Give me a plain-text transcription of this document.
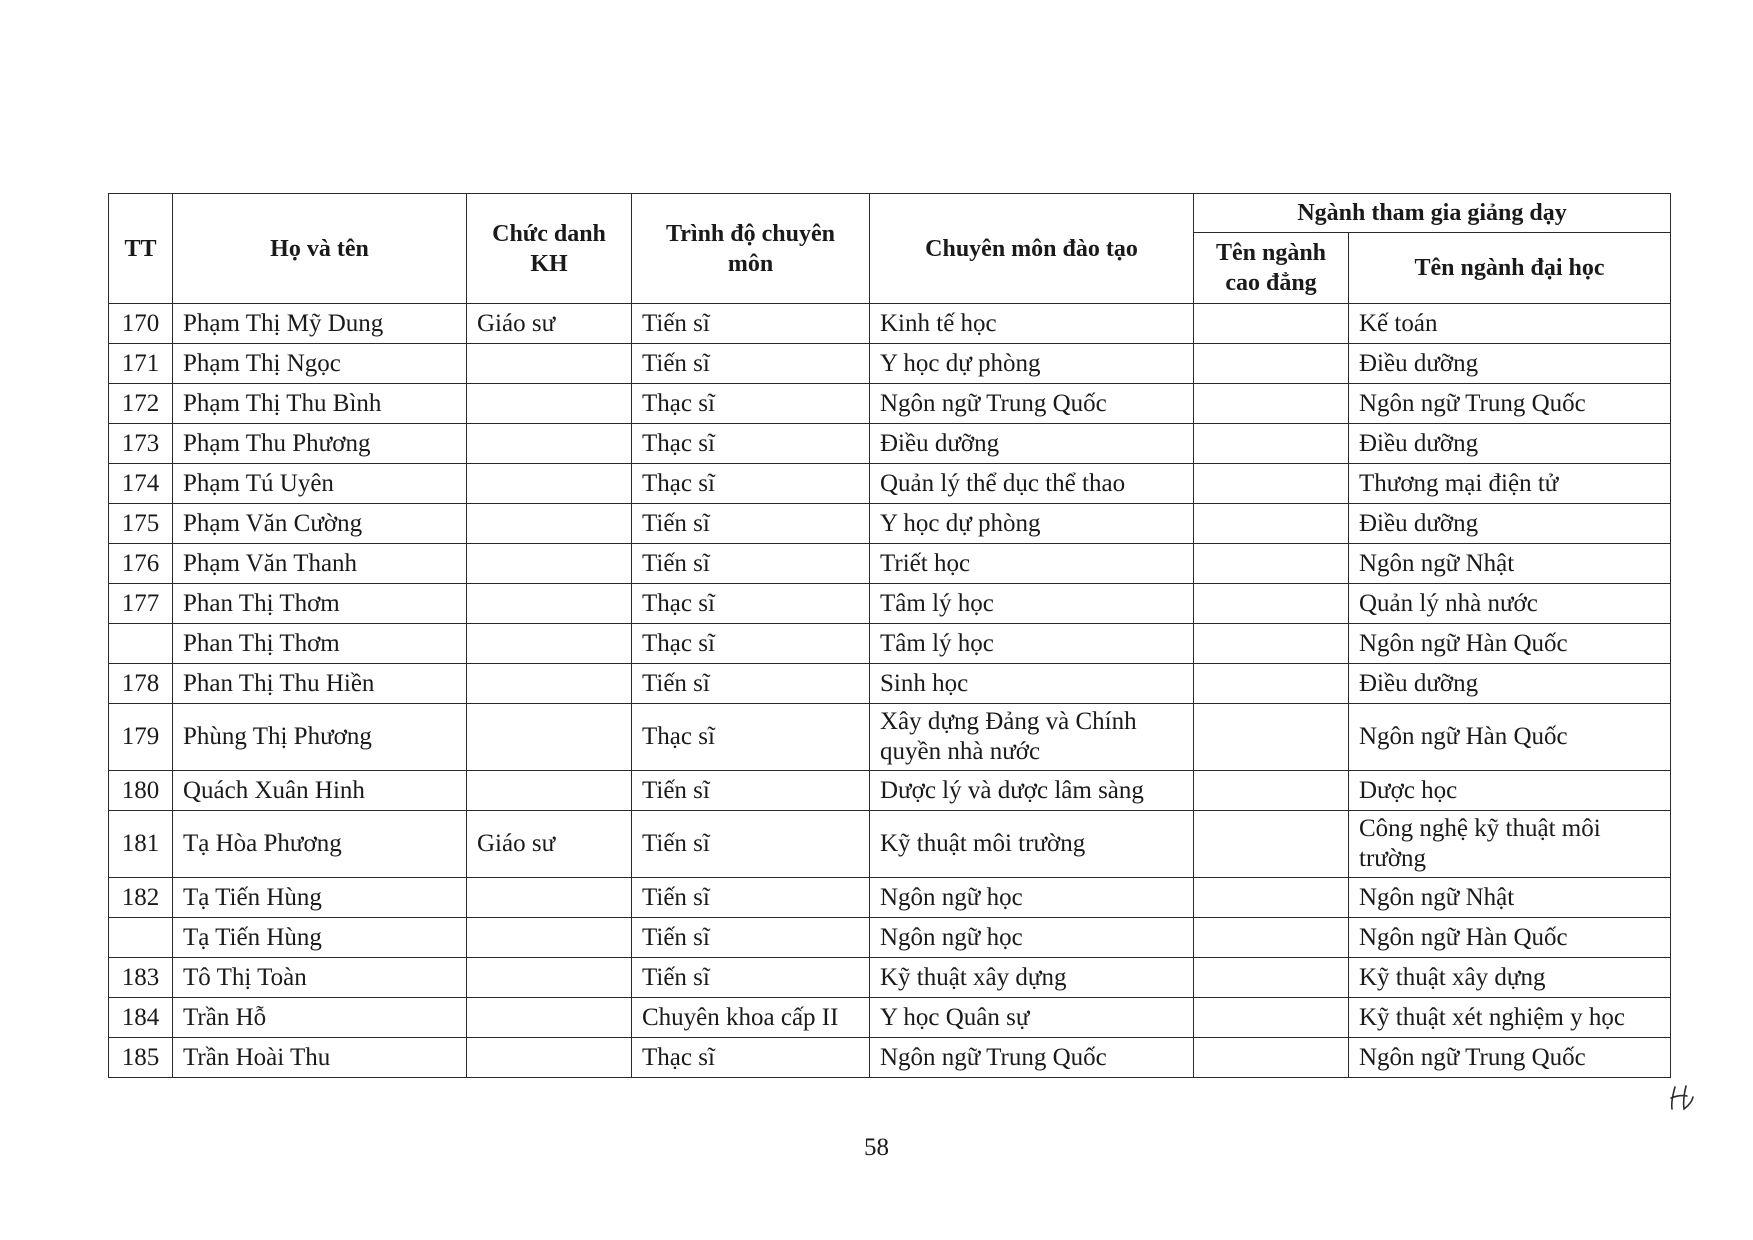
TT	Họ và tên	Chức danh KH	Trình độ chuyên môn	Chuyên môn đào tạo	Ngành tham gia giảng dạy	
					Tên ngành cao đẳng	Tên ngành đại học
170	Phạm Thị Mỹ Dung	Giáo sư	Tiến sĩ	Kinh tế học		Kế toán
171	Phạm Thị Ngọc		Tiến sĩ	Y học dự phòng		Điều dưỡng
172	Phạm Thị Thu Bình		Thạc sĩ	Ngôn ngữ Trung Quốc		Ngôn ngữ Trung Quốc
173	Phạm Thu Phương		Thạc sĩ	Điều dưỡng		Điều dưỡng
174	Phạm Tú Uyên		Thạc sĩ	Quản lý thể dục thể thao		Thương mại điện tử
175	Phạm Văn Cường		Tiến sĩ	Y học dự phòng		Điều dưỡng
176	Phạm Văn Thanh		Tiến sĩ	Triết học		Ngôn ngữ Nhật
177	Phan Thị Thơm		Thạc sĩ	Tâm lý học		Quản lý nhà nước
	Phan Thị Thơm		Thạc sĩ	Tâm lý học		Ngôn ngữ Hàn Quốc
178	Phan Thị Thu Hiền		Tiến sĩ	Sinh học		Điều dưỡng
179	Phùng Thị Phương		Thạc sĩ	Xây dựng Đảng và Chính quyền nhà nước		Ngôn ngữ Hàn Quốc
180	Quách Xuân Hinh		Tiến sĩ	Dược lý và dược lâm sàng		Dược học
181	Tạ Hòa Phương	Giáo sư	Tiến sĩ	Kỹ thuật môi trường		Công nghệ kỹ thuật môi trường
182	Tạ Tiến Hùng		Tiến sĩ	Ngôn ngữ học		Ngôn ngữ Nhật
	Tạ Tiến Hùng		Tiến sĩ	Ngôn ngữ học		Ngôn ngữ Hàn Quốc
183	Tô Thị Toàn		Tiến sĩ	Kỹ thuật xây dựng		Kỹ thuật xây dựng
184	Trần Hỗ		Chuyên khoa cấp II	Y học Quân sự		Kỹ thuật xét nghiệm y học
185	Trần Hoài Thu		Thạc sĩ	Ngôn ngữ Trung Quốc		Ngôn ngữ Trung Quốc
58
